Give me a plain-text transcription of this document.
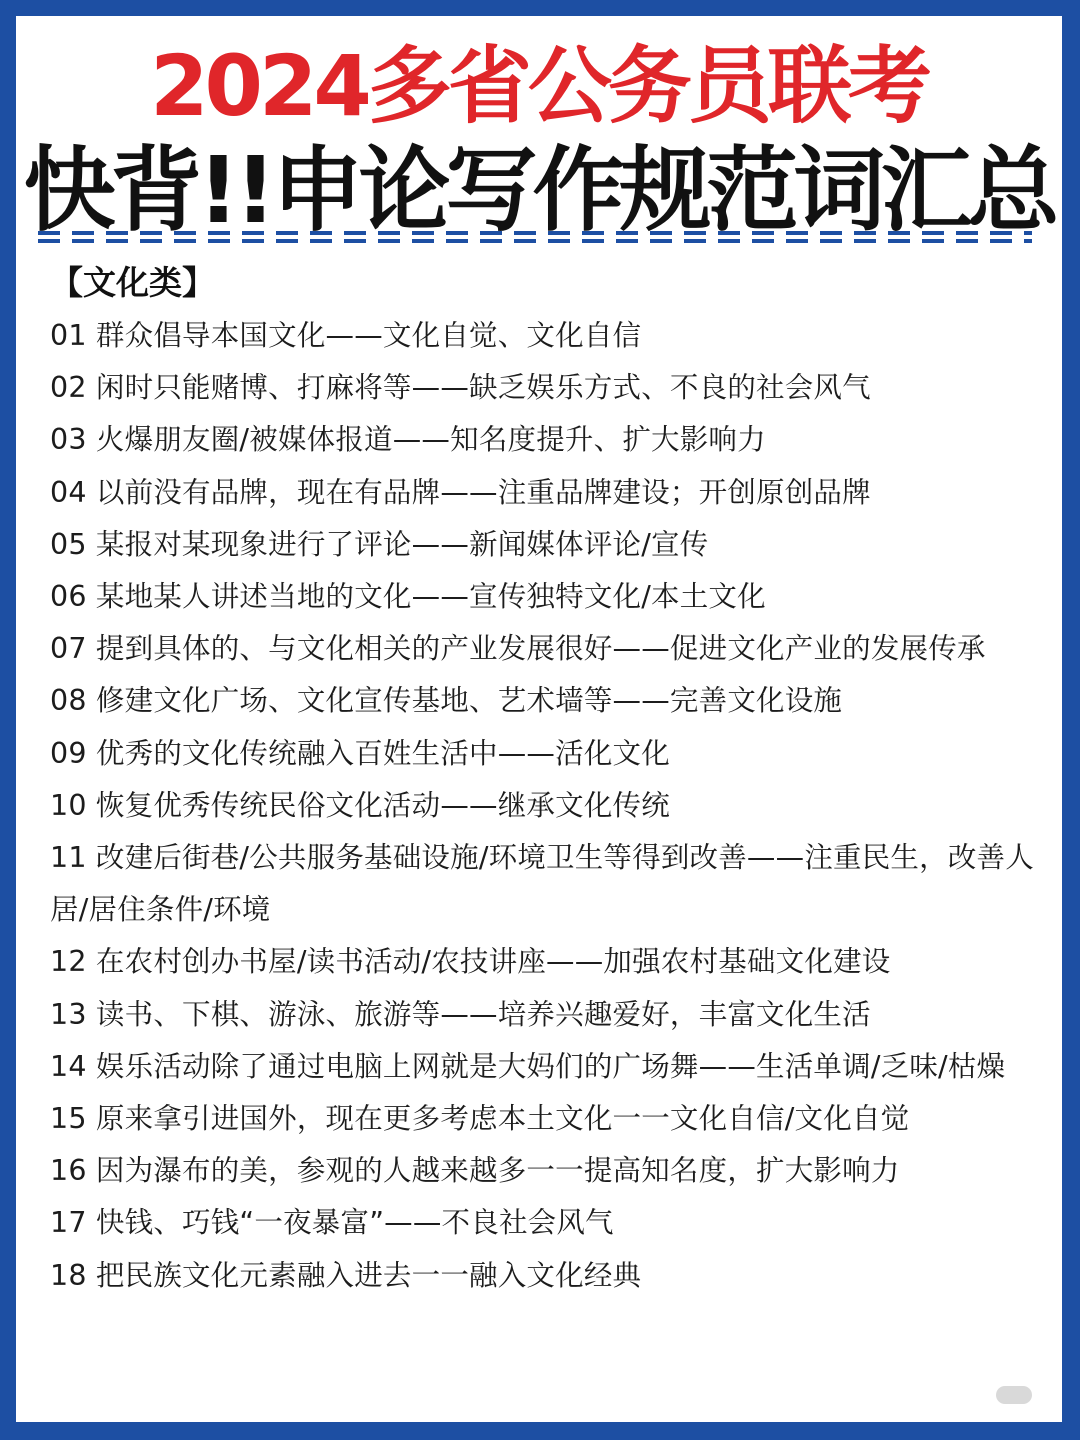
2024多省公务员联考
快背!!申论写作规范词汇总
【文化类】
01 群众倡导本国文化——文化自觉、文化自信
02 闲时只能赌博、打麻将等——缺乏娱乐方式、不良的社会风气
03 火爆朋友圈/被媒体报道——知名度提升、扩大影响力
04 以前没有品牌，现在有品牌——注重品牌建设；开创原创品牌
05 某报对某现象进行了评论——新闻媒体评论/宣传
06 某地某人讲述当地的文化——宣传独特文化/本土文化
07 提到具体的、与文化相关的产业发展很好——促进文化产业的发展传承
08 修建文化广场、文化宣传基地、艺术墙等——完善文化设施
09 优秀的文化传统融入百姓生活中——活化文化
10 恢复优秀传统民俗文化活动——继承文化传统
11 改建后街巷/公共服务基础设施/环境卫生等得到改善——注重民生，改善人居/居住条件/环境
12 在农村创办书屋/读书活动/农技讲座——加强农村基础文化建设
13 读书、下棋、游泳、旅游等——培养兴趣爱好，丰富文化生活
14 娱乐活动除了通过电脑上网就是大妈们的广场舞——生活单调/乏味/枯燥
15 原来拿引进国外，现在更多考虑本土文化一一文化自信/文化自觉
16 因为瀑布的美，参观的人越来越多一一提高知名度，扩大影响力
17 快钱、巧钱“一夜暴富”——不良社会风气
18 把民族文化元素融入进去一一融入文化经典
